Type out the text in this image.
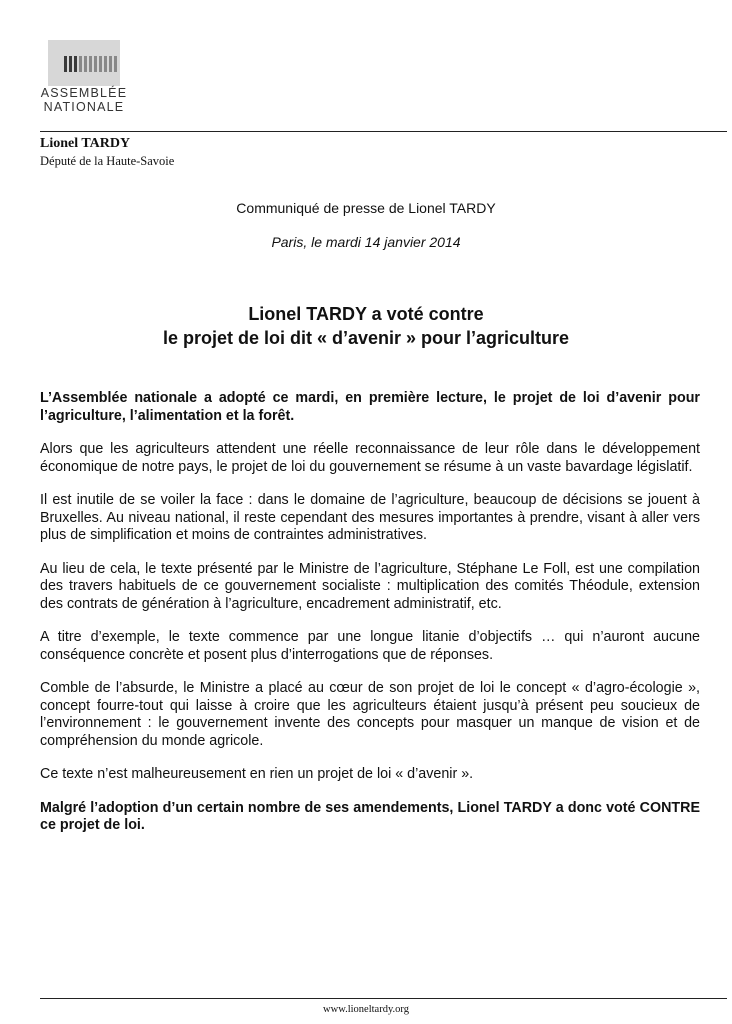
ASSEMBLÉE
NATIONALE
Lionel TARDY
Député de la Haute-Savoie
Communiqué de presse de Lionel TARDY
Paris, le mardi 14 janvier 2014
Lionel TARDY a voté contre
le projet de loi dit « d’avenir » pour l’agriculture

L’Assemblée nationale a adopté ce mardi, en première lecture, le projet de loi d’avenir pour l’agriculture, l’alimentation et la forêt.

Alors que les agriculteurs attendent une réelle reconnaissance de leur rôle dans le développement économique de notre pays, le projet de loi du gouvernement se résume à un vaste bavardage législatif.

Il est inutile de se voiler la face : dans le domaine de l’agriculture, beaucoup de décisions se jouent à Bruxelles. Au niveau national, il reste cependant des mesures importantes à prendre, visant à aller vers plus de simplification et moins de contraintes administratives.

Au lieu de cela, le texte présenté par le Ministre de l’agriculture, Stéphane Le Foll, est une compilation des travers habituels de ce gouvernement socialiste : multiplication des comités Théodule, extension des contrats de génération à l’agriculture, encadrement administratif, etc.

A titre d’exemple, le texte commence par une longue litanie d’objectifs … qui n’auront aucune conséquence concrète et posent plus d’interrogations que de réponses.

Comble de l’absurde, le Ministre a placé au cœur de son projet de loi le concept « d’agro-écologie », concept fourre-tout qui laisse à croire que les agriculteurs étaient jusqu’à présent peu soucieux de l’environnement : le gouvernement invente des concepts pour masquer un manque de vision et de compréhension du monde agricole.

Ce texte n’est malheureusement en rien un projet de loi « d’avenir ».

Malgré l’adoption d’un certain nombre de ses amendements, Lionel TARDY a donc voté CONTRE ce projet de loi.

www.lioneltardy.org
